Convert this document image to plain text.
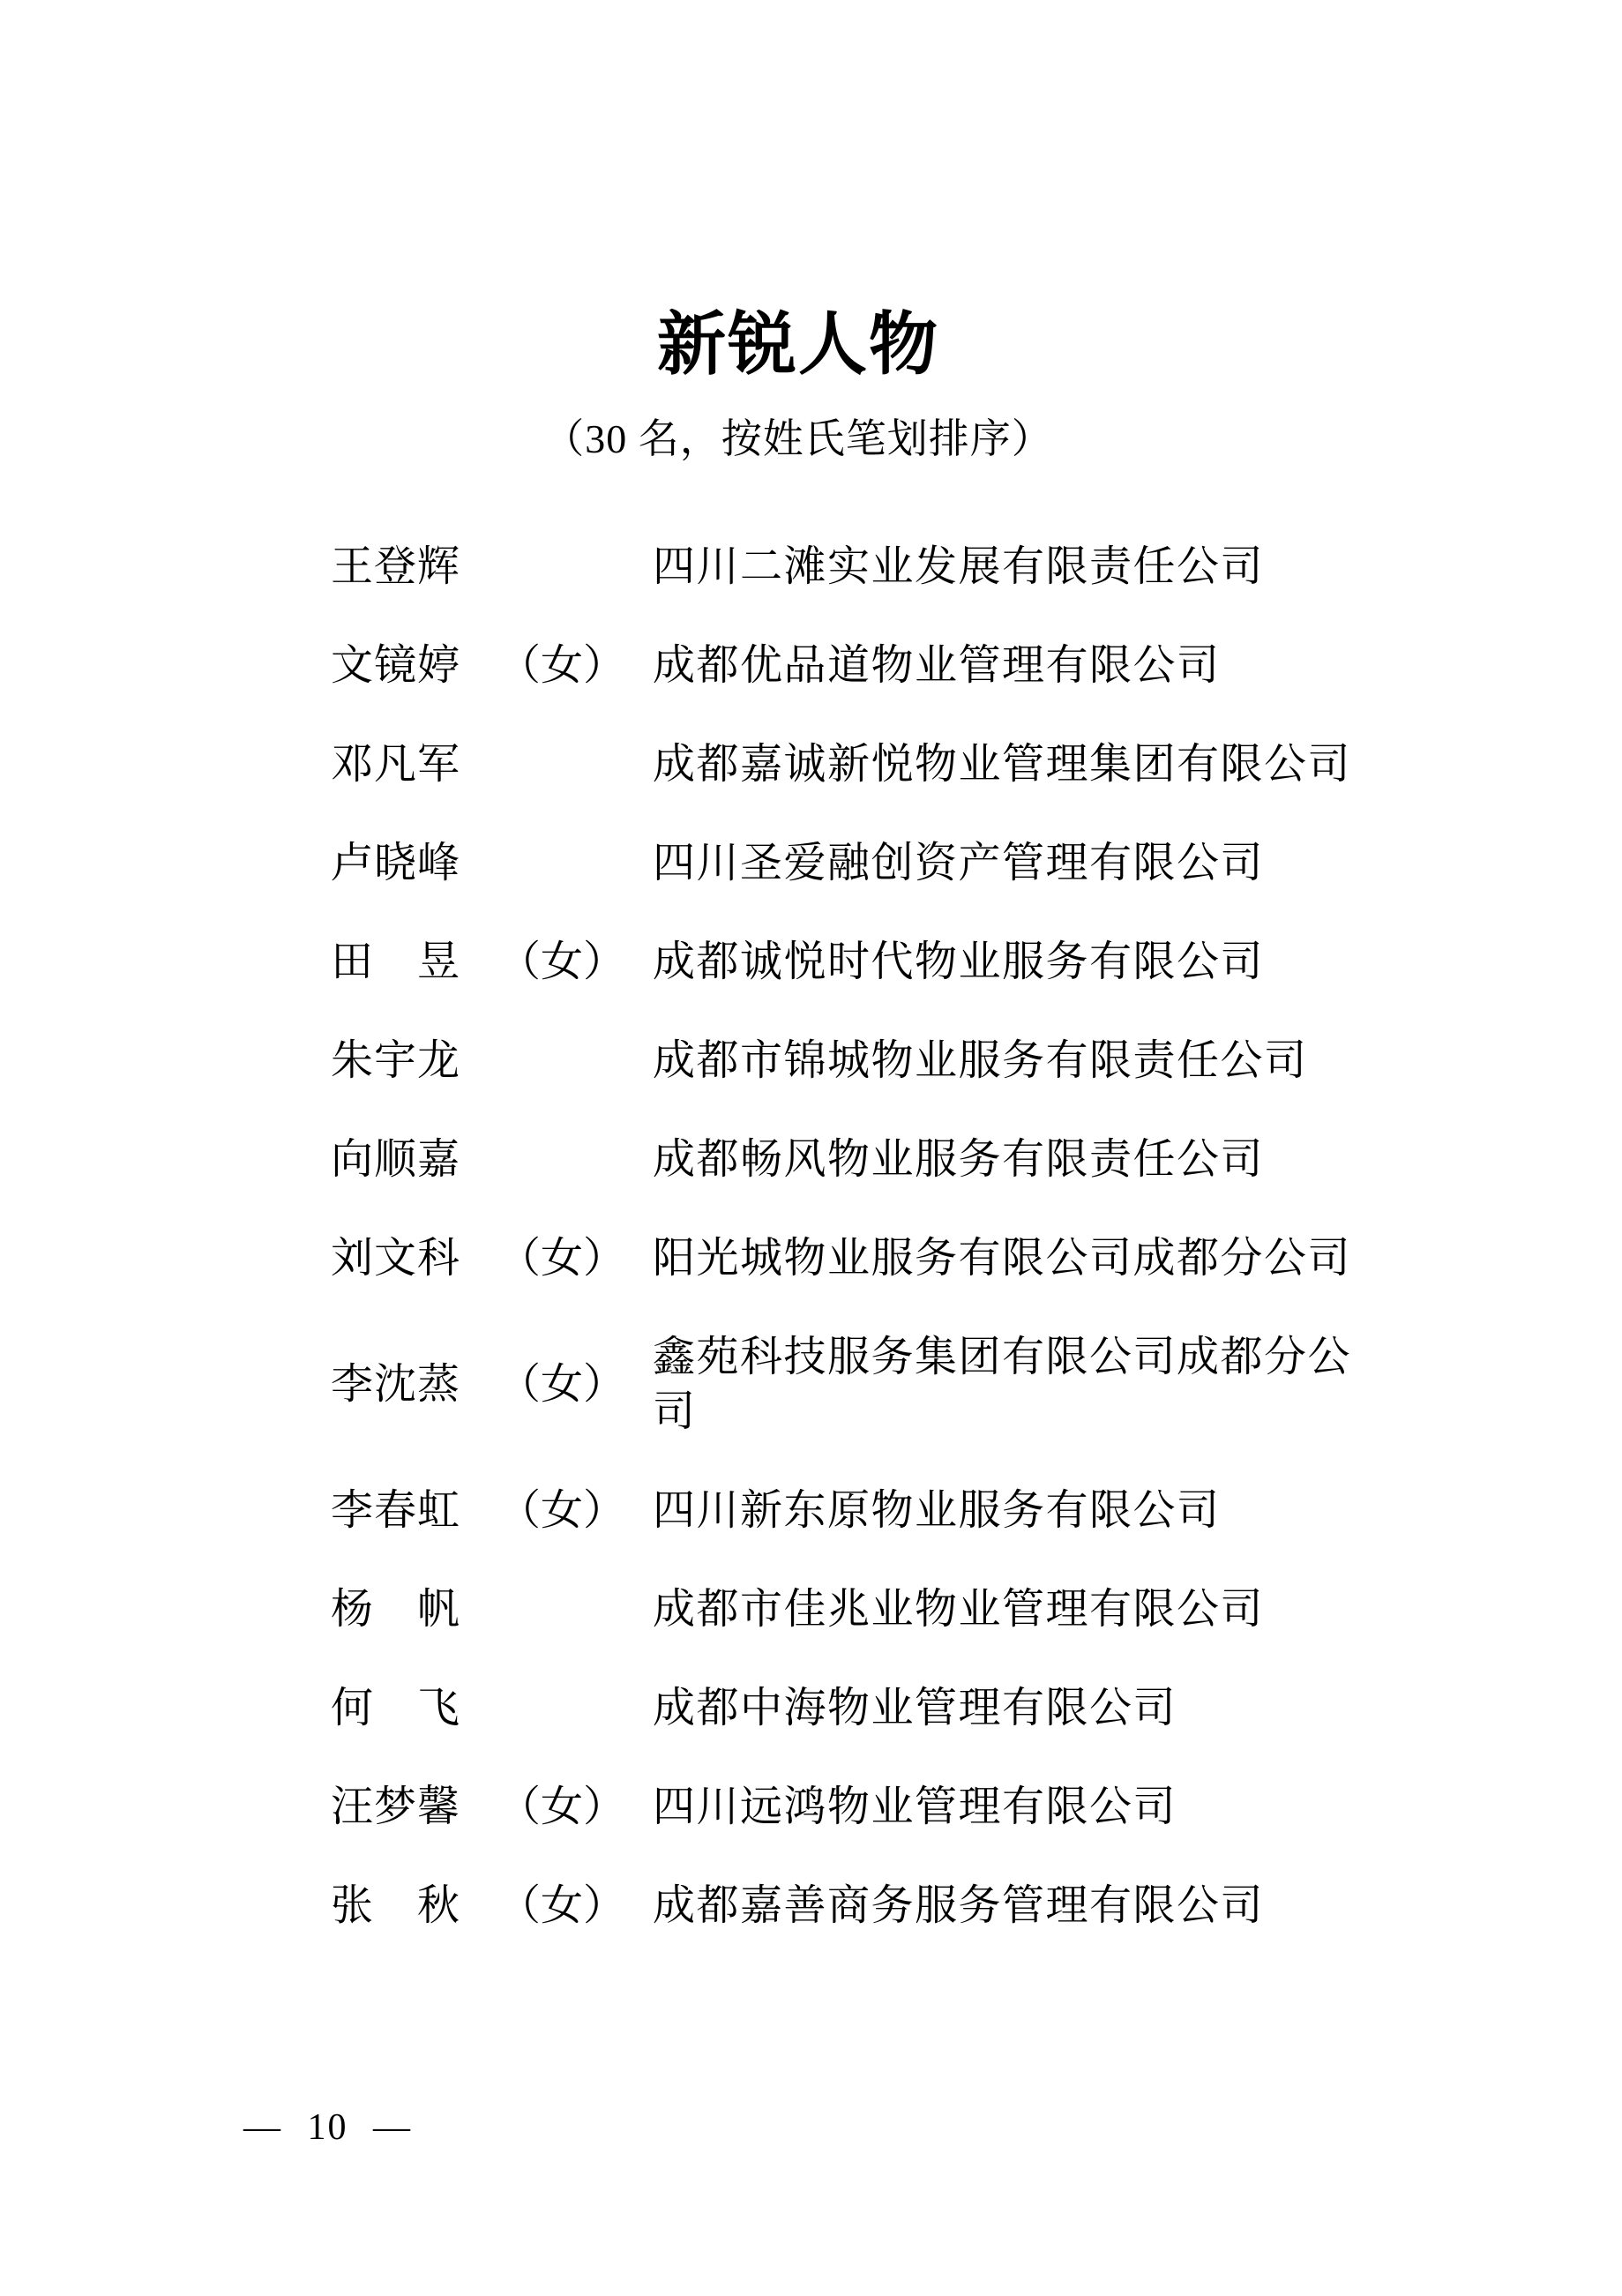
新锐人物
（30 名，按姓氏笔划排序）
王登辉	四川二滩实业发展有限责任公司
文镜婷 （女） 成都优品道物业管理有限公司
邓凡军	成都嘉诚新悦物业管理集团有限公司
卢晓峰	四川圣爱融创资产管理有限公司
田　昱 （女） 成都诚悦时代物业服务有限公司
朱宇龙	成都市锦城物业服务有限责任公司
向顺嘉	成都畅风物业服务有限责任公司
刘文科 （女） 阳光城物业服务有限公司成都分公司
李沈蒸 （女）
鑫苑科技服务集团有限公司成都分公司
李春虹 （女） 四川新东原物业服务有限公司
杨　帆	成都市佳兆业物业管理有限公司
何　飞	成都中海物业管理有限公司
汪梦馨 （女） 四川远鸿物业管理有限公司
张　秋 （女） 成都嘉善商务服务管理有限公司
— 10 —
